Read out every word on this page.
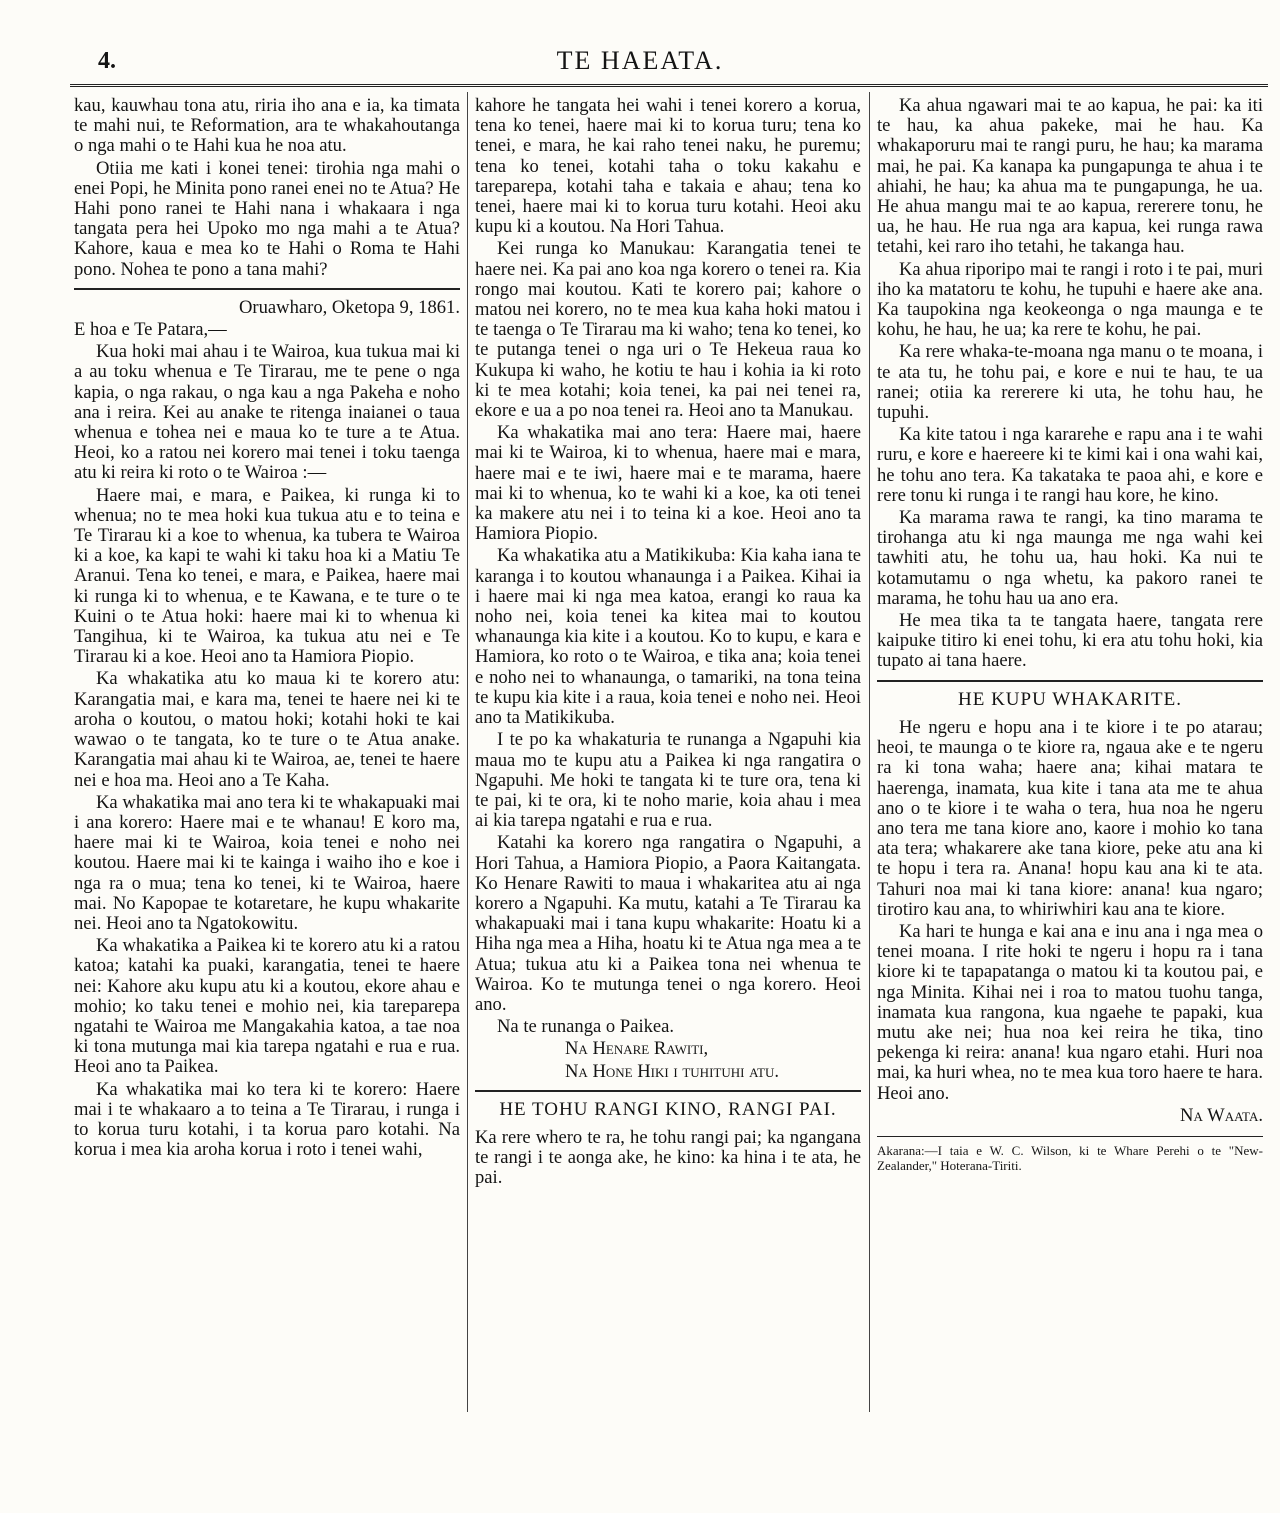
4.	TE HAEATA.

kau, kauwhau tona atu, riria iho ana e ia, ka timata te mahi nui, te Reformation, ara te whakahoutanga o nga mahi o te Hahi kua he noa atu.

Otiia me kati i konei tenei: tirohia nga mahi o enei Popi, he Minita pono ranei enei no te Atua? He Hahi pono ranei te Hahi nana i whakaara i nga tangata pera hei Upoko mo nga mahi a te Atua? Kahore, kaua e mea ko te Hahi o Roma te Hahi pono. Nohea te pono a tana mahi?

Oruawharo, Oketopa 9, 1861.

E hoa e Te Patara,—

Kua hoki mai ahau i te Wairoa, kua tukua mai ki a au toku whenua e Te Tirarau, me te pene o nga kapia, o nga rakau, o nga kau a nga Pakeha e noho ana i reira. Kei au anake te ritenga inaianei o taua whenua e tohea nei e maua ko te ture a te Atua. Heoi, ko a ratou nei korero mai tenei i toku taenga atu ki reira ki roto o te Wairoa :—

Haere mai, e mara, e Paikea, ki runga ki to whenua; no te mea hoki kua tukua atu e to teina e Te Tirarau ki a koe to whenua, ka tubera te Wairoa ki a koe, ka kapi te wahi ki taku hoa ki a Matiu Te Aranui. Tena ko tenei, e mara, e Paikea, haere mai ki runga ki to whenua, e te Kawana, e te ture o te Kuini o te Atua hoki: haere mai ki to whenua ki Tangihua, ki te Wairoa, ka tukua atu nei e Te Tirarau ki a koe. Heoi ano ta Hamiora Piopio.

Ka whakatika atu ko maua ki te korero atu: Karangatia mai, e kara ma, tenei te haere nei ki te aroha o koutou, o matou hoki; kotahi hoki te kai wawao o te tangata, ko te ture o te Atua anake. Karangatia mai ahau ki te Wairoa, ae, tenei te haere nei e hoa ma. Heoi ano a Te Kaha.

Ka whakatika mai ano tera ki te whakapuaki mai i ana korero: Haere mai e te whanau! E koro ma, haere mai ki te Wairoa, koia tenei e noho nei koutou. Haere mai ki te kainga i waiho iho e koe i nga ra o mua; tena ko tenei, ki te Wairoa, haere mai. No Kapopae te kotaretare, he kupu whakarite nei. Heoi ano ta Ngatokowitu.

Ka whakatika a Paikea ki te korero atu ki a ratou katoa; katahi ka puaki, karangatia, tenei te haere nei: Kahore aku kupu atu ki a koutou, ekore ahau e mohio; ko taku tenei e mohio nei, kia tareparepa ngatahi te Wairoa me Mangakahia katoa, a tae noa ki tona mutunga mai kia tarepa ngatahi e rua e rua. Heoi ano ta Paikea.

Ka whakatika mai ko tera ki te korero: Haere mai i te whakaaro a to teina a Te Tirarau, i runga i to korua turu kotahi, i ta korua paro kotahi. Na korua i mea kia aroha korua i roto i tenei wahi,

kahore he tangata hei wahi i tenei korero a korua, tena ko tenei, haere mai ki to korua turu; tena ko tenei, e mara, he kai raho tenei naku, he puremu; tena ko tenei, kotahi taha o toku kakahu e tareparepa, kotahi taha e takaia e ahau; tena ko tenei, haere mai ki to korua turu kotahi. Heoi aku kupu ki a koutou. Na Hori Tahua.

Kei runga ko Manukau: Karangatia tenei te haere nei. Ka pai ano koa nga korero o tenei ra. Kia rongo mai koutou. Kati te korero pai; kahore o matou nei korero, no te mea kua kaha hoki matou i te taenga o Te Tirarau ma ki waho; tena ko tenei, ko te putanga tenei o nga uri o Te Hekeua raua ko Kukupa ki waho, he kotiu te hau i kohia ia ki roto ki te mea kotahi; koia tenei, ka pai nei tenei ra, ekore e ua a po noa tenei ra. Heoi ano ta Manukau.

Ka whakatika mai ano tera: Haere mai, haere mai ki te Wairoa, ki to whenua, haere mai e mara, haere mai e te iwi, haere mai e te marama, haere mai ki to whenua, ko te wahi ki a koe, ka oti tenei ka makere atu nei i to teina ki a koe. Heoi ano ta Hamiora Piopio.

Ka whakatika atu a Matikikuba: Kia kaha iana te karanga i to koutou whanaunga i a Paikea. Kihai ia i haere mai ki nga mea katoa, erangi ko raua ka noho nei, koia tenei ka kitea mai to koutou whanaunga kia kite i a koutou. Ko to kupu, e kara e Hamiora, ko roto o te Wairoa, e tika ana; koia tenei e noho nei to whanaunga, o tamariki, na tona teina te kupu kia kite i a raua, koia tenei e noho nei. Heoi ano ta Matikikuba.

I te po ka whakaturia te runanga a Ngapuhi kia maua mo te kupu atu a Paikea ki nga rangatira o Ngapuhi. Me hoki te tangata ki te ture ora, tena ki te pai, ki te ora, ki te noho marie, koia ahau i mea ai kia tarepa ngatahi e rua e rua.

Katahi ka korero nga rangatira o Ngapuhi, a Hori Tahua, a Hamiora Piopio, a Paora Kaitangata. Ko Henare Rawiti to maua i whakaritea atu ai nga korero a Ngapuhi. Ka mutu, katahi a Te Tirarau ka whakapuaki mai i tana kupu whakarite: Hoatu ki a Hiha nga mea a Hiha, hoatu ki te Atua nga mea a te Atua; tukua atu ki a Paikea tona nei whenua te Wairoa. Ko te mutunga tenei o nga korero. Heoi ano.

Na te runanga o Paikea.

Na Henare Rawiti,

Na Hone Hiki i tuhituhi atu.

HE TOHU RANGI KINO, RANGI PAI.

Ka rere whero te ra, he tohu rangi pai; ka ngangana te rangi i te aonga ake, he kino: ka hina i te ata, he pai.

Ka ahua ngawari mai te ao kapua, he pai: ka iti te hau, ka ahua pakeke, mai he hau. Ka whakaporuru mai te rangi puru, he hau; ka marama mai, he pai. Ka kanapa ka pungapunga te ahua i te ahiahi, he hau; ka ahua ma te pungapunga, he ua. He ahua mangu mai te ao kapua, rererere tonu, he ua, he hau. He rua nga ara kapua, kei runga rawa tetahi, kei raro iho tetahi, he takanga hau.

Ka ahua riporipo mai te rangi i roto i te pai, muri iho ka matatoru te kohu, he tupuhi e haere ake ana. Ka taupokina nga keokeonga o nga maunga e te kohu, he hau, he ua; ka rere te kohu, he pai.

Ka rere whaka-te-moana nga manu o te moana, i te ata tu, he tohu pai, e kore e nui te hau, te ua ranei; otiia ka rererere ki uta, he tohu hau, he tupuhi.

Ka kite tatou i nga kararehe e rapu ana i te wahi ruru, e kore e haereere ki te kimi kai i ona wahi kai, he tohu ano tera. Ka takataka te paoa ahi, e kore e rere tonu ki runga i te rangi hau kore, he kino.

Ka marama rawa te rangi, ka tino marama te tirohanga atu ki nga maunga me nga wahi kei tawhiti atu, he tohu ua, hau hoki. Ka nui te kotamutamu o nga whetu, ka pakoro ranei te marama, he tohu hau ua ano era.

He mea tika ta te tangata haere, tangata rere kaipuke titiro ki enei tohu, ki era atu tohu hoki, kia tupato ai tana haere.

HE KUPU WHAKARITE.

He ngeru e hopu ana i te kiore i te po atarau; heoi, te maunga o te kiore ra, ngaua ake e te ngeru ra ki tona waha; haere ana; kihai matara te haerenga, inamata, kua kite i tana ata me te ahua ano o te kiore i te waha o tera, hua noa he ngeru ano tera me tana kiore ano, kaore i mohio ko tana ata tera; whakarere ake tana kiore, peke atu ana ki te hopu i tera ra. Anana! hopu kau ana ki te ata. Tahuri noa mai ki tana kiore: anana! kua ngaro; tirotiro kau ana, to whiriwhiri kau ana te kiore.

Ka hari te hunga e kai ana e inu ana i nga mea o tenei moana. I rite hoki te ngeru i hopu ra i tana kiore ki te tapapatanga o matou ki ta koutou pai, e nga Minita. Kihai nei i roa to matou tuohu tanga, inamata kua rangona, kua ngaehe te papaki, kua mutu ake nei; hua noa kei reira he tika, tino pekenga ki reira: anana! kua ngaro etahi. Huri noa mai, ka huri whea, no te mea kua toro haere te hara. Heoi ano.

Na Waata.

Akarana:—I taia e W. C. Wilson, ki te Whare Perehi o te "New-Zealander," Hoterana-Tiriti.
